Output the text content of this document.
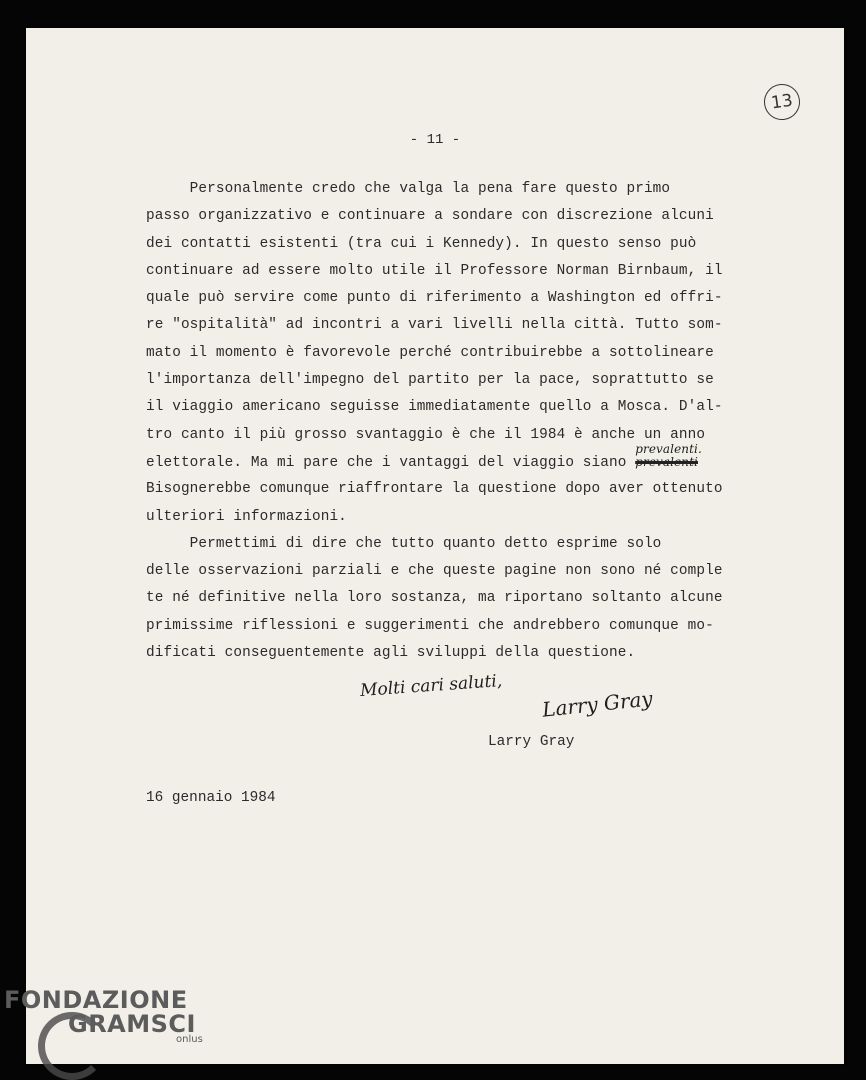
- 11 -
13
Personalmente credo che valga la pena fare questo primo
passo organizzativo e continuare a sondare con discrezione alcuni
dei contatti esistenti (tra cui i Kennedy). In questo senso può
continuare ad essere molto utile il Professore Norman Birnbaum, il
quale può servire come punto di riferimento a Washington ed offri-
re "ospitalità" ad incontri a vari livelli nella città. Tutto som-
mato il momento è favorevole perché contribuirebbe a sottolineare
l'importanza dell'impegno del partito per la pace, soprattutto se
il viaggio americano seguisse immediatamente quello a Mosca. D'al-
tro canto il più grosso svantaggio è che il 1984 è anche un anno
elettorale. Ma mi pare che i vantaggi del viaggio siano
prevalenti.
prevalenti
Bisognerebbe comunque riaffrontare la questione dopo aver ottenuto
ulteriori informazioni.
Permettimi di dire che tutto quanto detto esprime solo
delle osservazioni parziali e che queste pagine non sono né comple
te né definitive nella loro sostanza, ma riportano soltanto alcune
primissime riflessioni e suggerimenti che andrebbero comunque mo-
dificati conseguentemente agli sviluppi della questione.
Molti cari saluti,
Larry Gray
Larry Gray
16 gennaio 1984
FONDAZIONE
GRAMSCI
onlus
